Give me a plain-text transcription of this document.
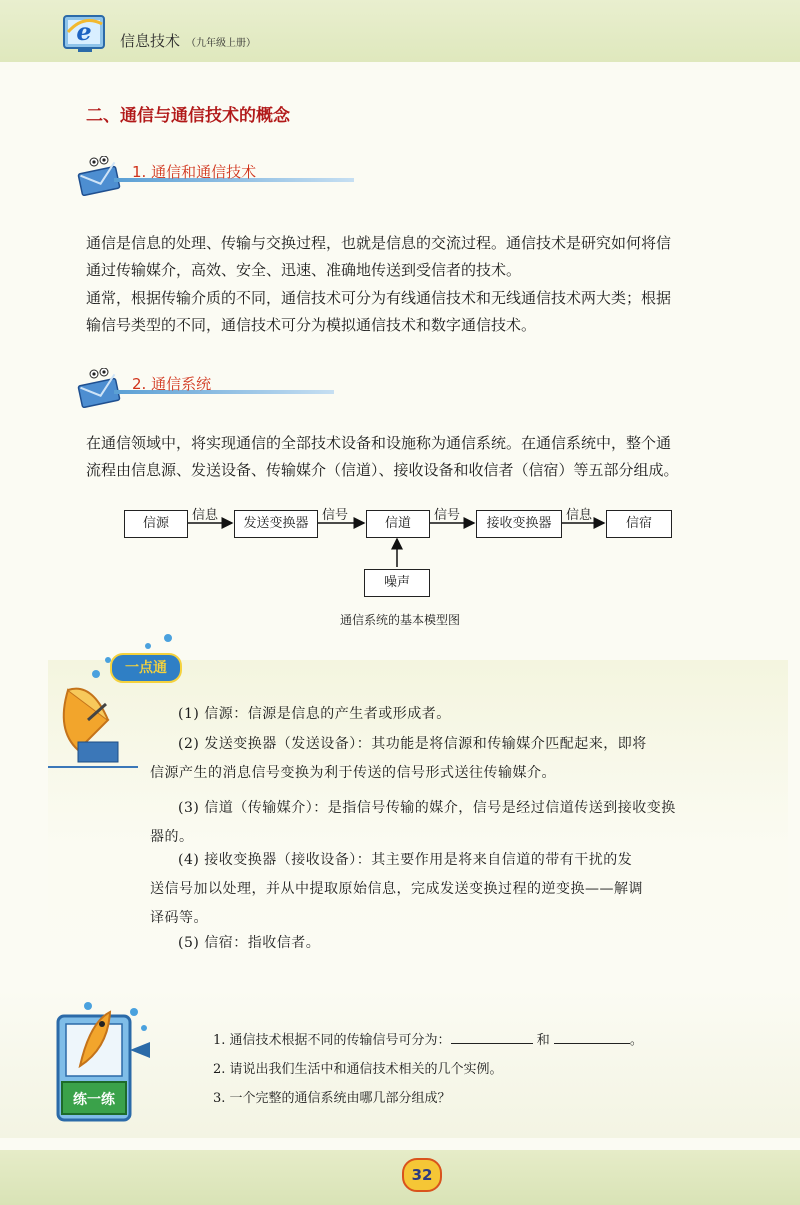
e 信息技术 （九年级上册）
二、通信与通信技术的概念
1. 通信和通信技术

通信是信息的处理、传输与交换过程，也就是信息的交流过程。通信技术是研究如何将信
通过传输媒介，高效、安全、迅速、准确地传送到受信者的技术。

通常，根据传输介质的不同，通信技术可分为有线通信技术和无线通信技术两大类；根据
输信号类型的不同，通信技术可分为模拟通信技术和数字通信技术。

2. 通信系统

在通信领域中，将实现通信的全部技术设备和设施称为通信系统。在通信系统中，整个通
流程由信息源、发送设备、传输媒介（信道）、接收设备和收信者（信宿）等五部分组成。

信源	发送变换器	信道	接收变换器	信宿
噪声
信息	信号	信号	信息
通信系统的基本模型图
一点通

(1) 信源：信源是信息的产生者或形成者。

(2) 发送变换器（发送设备）：其功能是将信源和传输媒介匹配起来，即将
信源产生的消息信号变换为利于传送的信号形式送往传输媒介。

(3) 信道（传输媒介）：是指信号传输的媒介，信号是经过信道传送到接收变换
器的。

(4) 接收变换器（接收设备）：其主要作用是将来自信道的带有干扰的发
送信号加以处理，并从中提取原始信息，完成发送变换过程的逆变换——解调
译码等。

(5) 信宿：指收信者。

练一练
1. 通信技术根据不同的传输信号可分为：	和	。
2. 请说出我们生活中和通信技术相关的几个实例。
3. 一个完整的通信系统由哪几部分组成？
32
